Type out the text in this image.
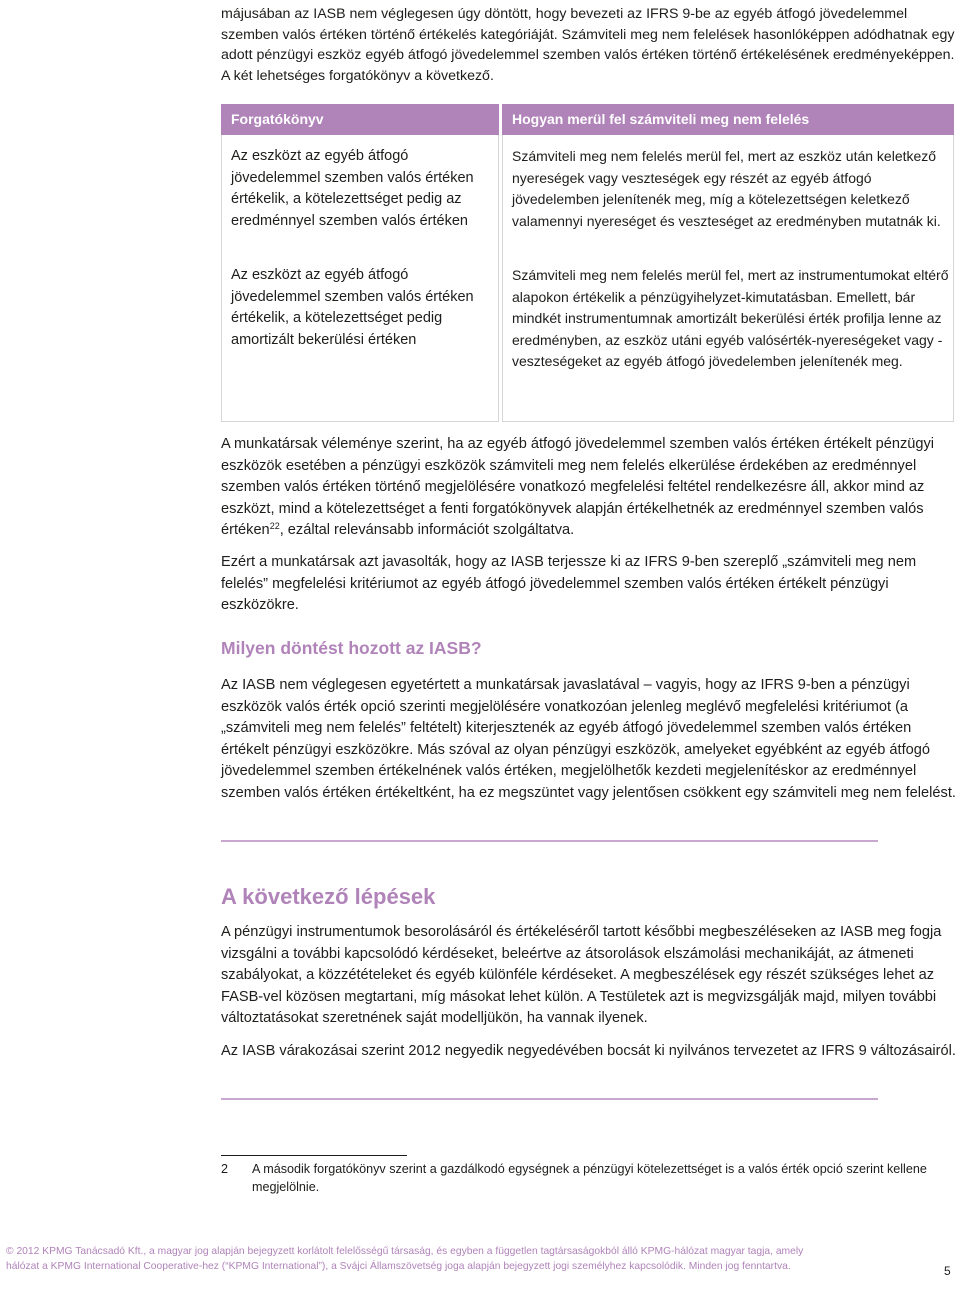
májusában az IASB nem véglegesen úgy döntött, hogy bevezeti az IFRS 9-be az egyéb átfogó jövedelemmel szemben valós értéken történő értékelés kategóriáját. Számviteli meg nem felelések hasonlóképpen adódhatnak egy adott pénzügyi eszköz egyéb átfogó jövedelemmel szemben valós értéken történő értékelésének eredményeképpen. A két lehetséges forgatókönyv a következő.

Forgatókönyv	Hogyan merül fel számviteli meg nem felelés

Az eszközt az egyéb átfogó jövedelemmel szemben valós értéken értékelik, a kötelezettséget pedig az eredménnyel szemben valós értéken

Számviteli meg nem felelés merül fel, mert az eszköz után keletkező nyereségek vagy veszteségek egy részét az egyéb átfogó jövedelemben jelenítenék meg, míg a kötelezettségen keletkező valamennyi nyereséget és veszteséget az eredményben mutatnák ki.

Az eszközt az egyéb átfogó jövedelemmel szemben valós értéken értékelik, a kötelezettséget pedig amortizált bekerülési értéken

Számviteli meg nem felelés merül fel, mert az instrumentumokat eltérő alapokon értékelik a pénzügyihelyzet-kimutatásban. Emellett, bár mindkét instrumentumnak amortizált bekerülési érték profilja lenne az eredményben, az eszköz utáni egyéb valósérték-nyereségeket vagy -veszteségeket az egyéb átfogó jövedelemben jelenítenék meg.

A munkatársak véleménye szerint, ha az egyéb átfogó jövedelemmel szemben valós értéken értékelt pénzügyi eszközök esetében a pénzügyi eszközök számviteli meg nem felelés elkerülése érdekében az eredménnyel szemben valós értéken történő megjelölésére vonatkozó megfelelési feltétel rendelkezésre áll, akkor mind az eszközt, mind a kötelezettséget a fenti forgatókönyvek alapján értékelhetnék az eredménnyel szemben valós értéken$^{22}$, ezáltal relevánsabb információt szolgáltatva.

Ezért a munkatársak azt javasolták, hogy az IASB terjessze ki az IFRS 9-ben szereplő „számviteli meg nem felelés” megfelelési kritériumot az egyéb átfogó jövedelemmel szemben valós értéken értékelt pénzügyi eszközökre.

Milyen döntést hozott az IASB?

Az IASB nem véglegesen egyetértett a munkatársak javaslatával – vagyis, hogy az IFRS 9-ben a pénzügyi eszközök valós érték opció szerinti megjelölésére vonatkozóan jelenleg meglévő megfelelési kritériumot (a „számviteli meg nem felelés” feltételt) kiterjesztenék az egyéb átfogó jövedelemmel szemben valós értéken értékelt pénzügyi eszközökre. Más szóval az olyan pénzügyi eszközök, amelyeket egyébként az egyéb átfogó jövedelemmel szemben értékelnének valós értéken, megjelölhetők kezdeti megjelenítéskor az eredménnyel szemben valós értéken értékeltként, ha ez megszüntet vagy jelentősen csökkent egy számviteli meg nem felelést.

A következő lépések

A pénzügyi instrumentumok besorolásáról és értékeléséről tartott későbbi megbeszéléseken az IASB meg fogja vizsgálni a további kapcsolódó kérdéseket, beleértve az átsorolások elszámolási mechanikáját, az átmeneti szabályokat, a közzétételeket és egyéb különféle kérdéseket. A megbeszélések egy részét szükséges lehet az FASB-vel közösen megtartani, míg másokat lehet külön. A Testületek azt is megvizsgálják majd, milyen további változtatásokat szeretnének saját modelljükön, ha vannak ilyenek.

Az IASB várakozásai szerint 2012 negyedik negyedévében bocsát ki nyilvános tervezetet az IFRS 9 változásairól.

2 A második forgatókönyv szerint a gazdálkodó egységnek a pénzügyi kötelezettséget is a valós érték opció szerint kellene megjelölnie.

© 2012 KPMG Tanácsadó Kft., a magyar jog alapján bejegyzett korlátolt felelősségű társaság, és egyben a független tagtársaságokból álló KPMG-hálózat magyar tagja, amely hálózat a KPMG International Cooperative-hez (“KPMG International”), a Svájci Államszövetség joga alapján bejegyzett jogi személyhez kapcsolódik. Minden jog fenntartva.	5
